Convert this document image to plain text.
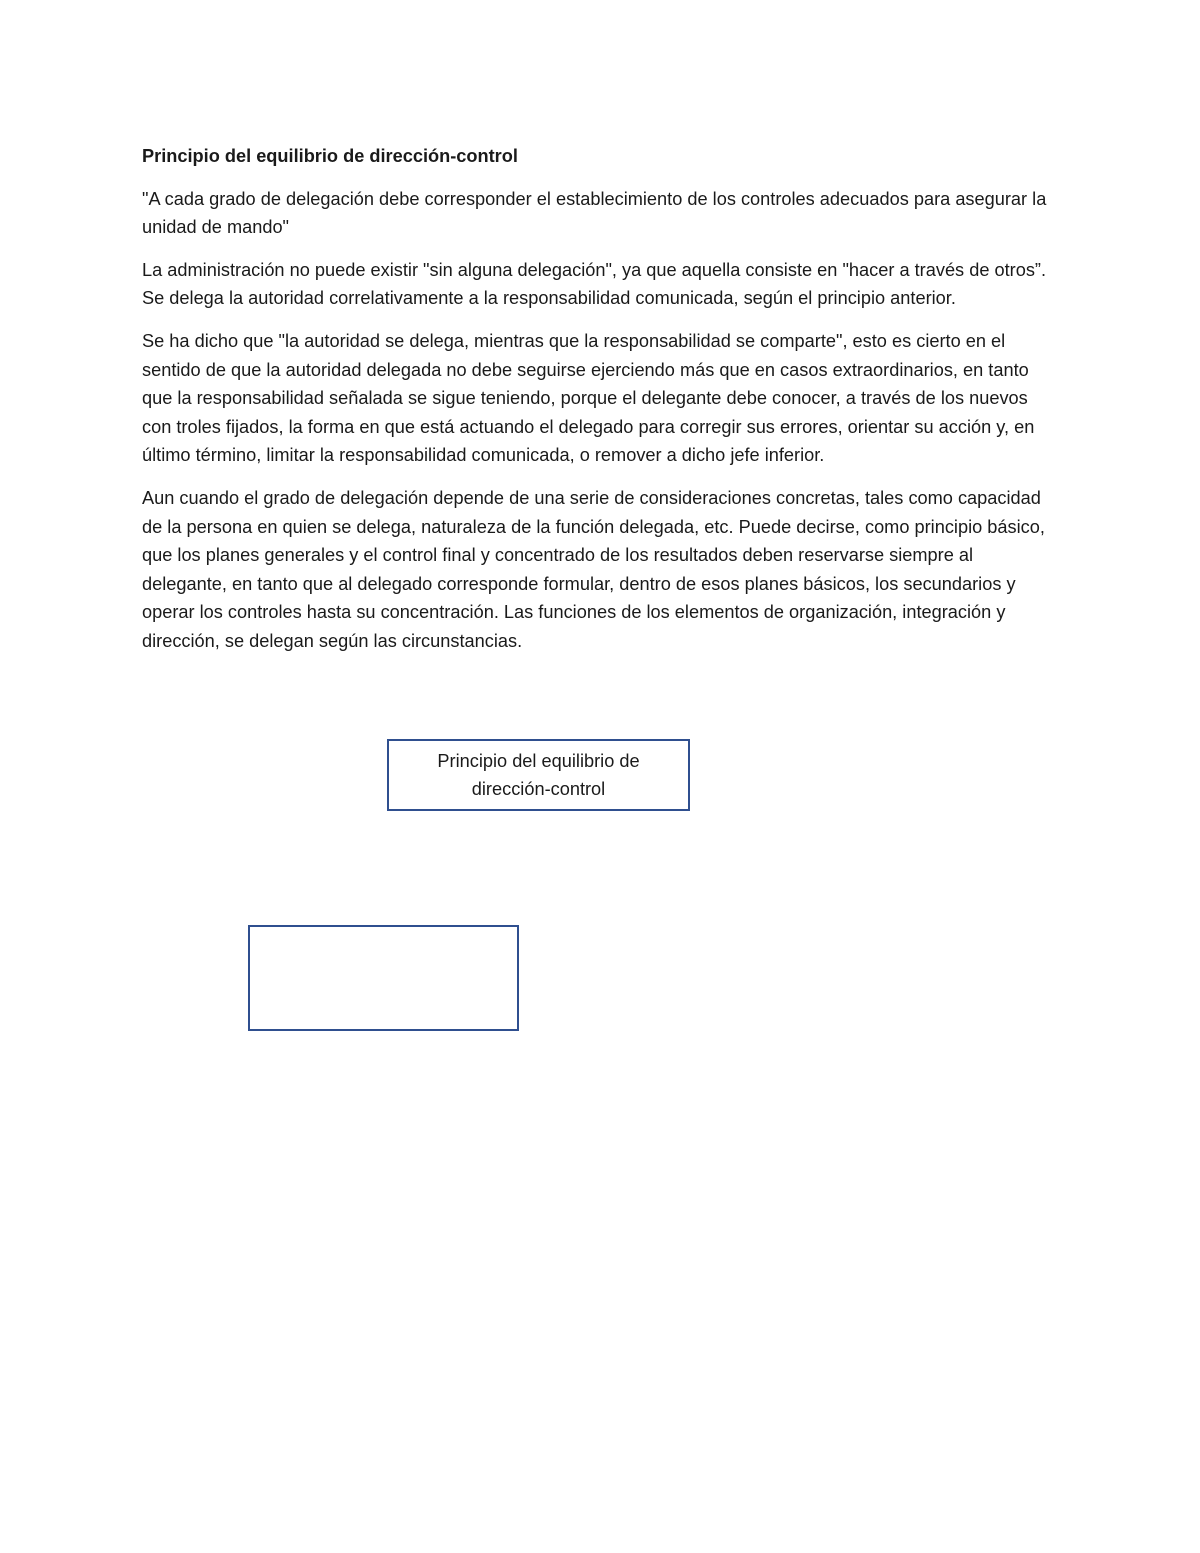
Principio del equilibrio de dirección-control

"A cada grado de delegación debe corresponder el establecimiento de los controles adecuados para asegurar la unidad de mando"

La administración no puede existir "sin alguna delegación", ya que aquella consiste en "hacer a través de otros”. Se delega la autoridad correlativamente a la responsabilidad comunicada, según el principio anterior.

Se ha dicho que "la autoridad se delega, mientras que la responsabilidad se comparte", esto es cierto en el sentido de que la autoridad delegada no debe seguirse ejerciendo más que en casos extraordinarios, en tanto que la responsabilidad señalada se sigue teniendo, porque el delegante debe conocer, a través de los nuevos con troles fijados, la forma en que está actuando el delegado para corregir sus errores, orientar su acción y, en último término, limitar la responsabilidad comunicada, o remover a dicho jefe inferior.

Aun cuando el grado de delegación depende de una serie de consideraciones concretas, tales como capacidad de la persona en quien se delega, naturaleza de la función delegada, etc. Puede decirse, como principio básico, que los planes generales y el control final y concentrado de los resultados deben reservarse siempre al delegante, en tanto que al delegado corresponde formular, dentro de esos planes básicos, los secundarios y operar los controles hasta su concentración. Las funciones de los elementos de organización, integración y dirección, se delegan según las circunstancias.

Principio del equilibrio de dirección-control
